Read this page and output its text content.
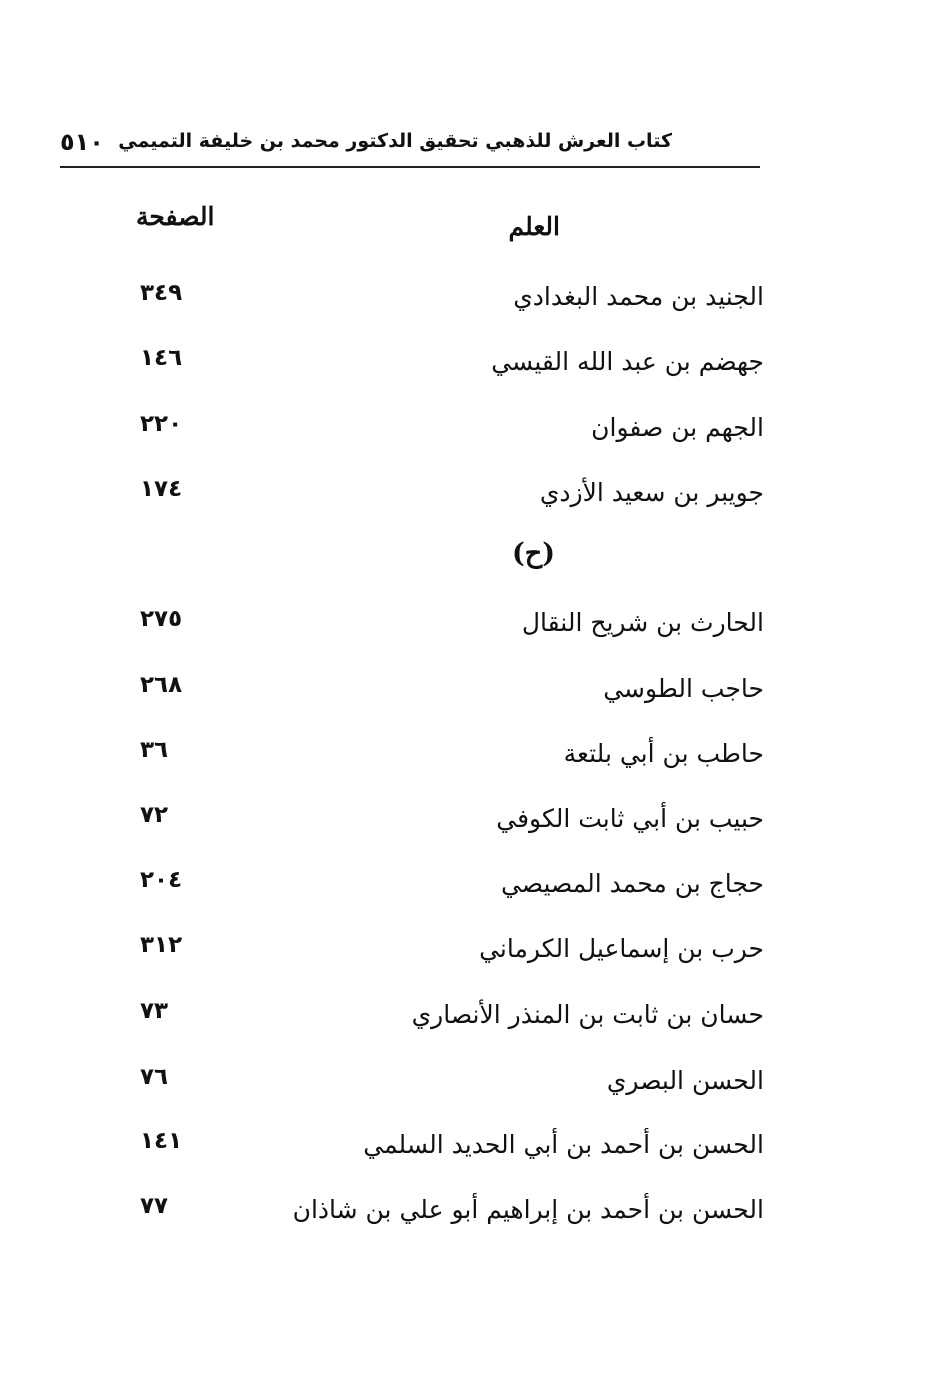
٥١٠ كتاب العرش للذهبي تحقيق الدكتور محمد بن خليفة التميمي
العلم
الصفحة
(ح)
الجنيد بن محمد البغدادي
٣٤٩
جهضم بن عبد الله القيسي
١٤٦
الجهم بن صفوان
٢٢٠
جويبر بن سعيد الأزدي
١٧٤
الحارث بن شريح النقال
٢٧٥
حاجب الطوسي
٢٦٨
حاطب بن أبي بلتعة
٣٦
حبيب بن أبي ثابت الكوفي
٧٢
حجاج بن محمد المصيصي
٢٠٤
حرب بن إسماعيل الكرماني
٣١٢
حسان بن ثابت بن المنذر الأنصاري
٧٣
الحسن البصري
٧٦
الحسن بن أحمد بن أبي الحديد السلمي
١٤١
الحسن بن أحمد بن إبراهيم أبو علي بن شاذان
٧٧
